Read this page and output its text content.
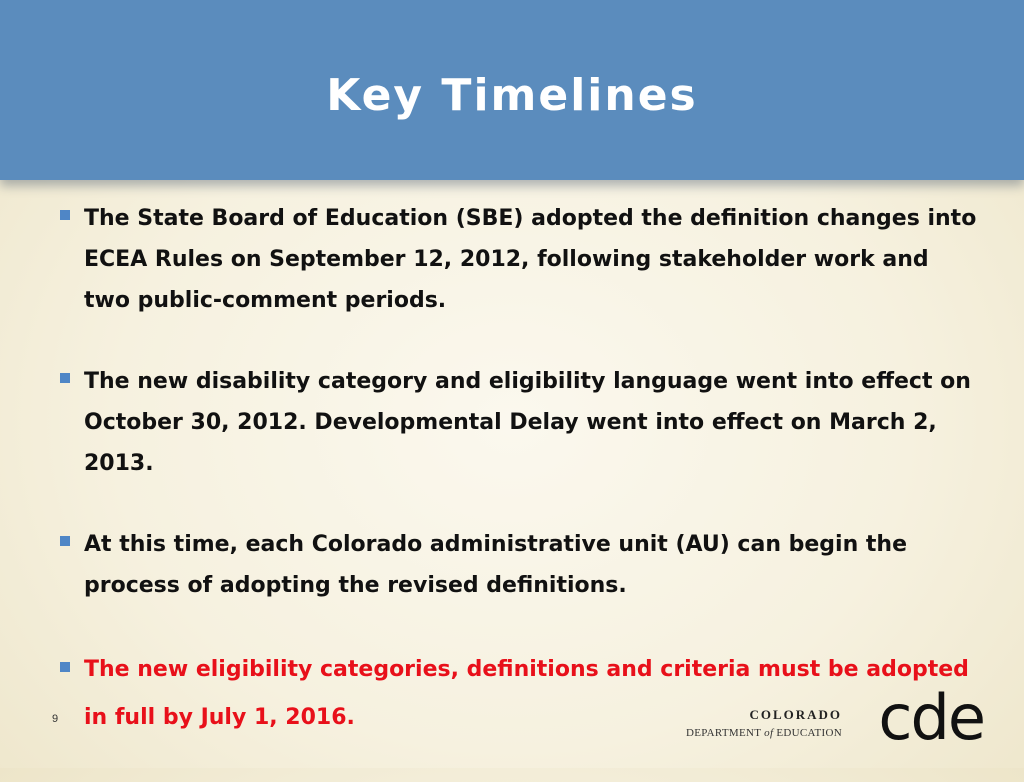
Key Timelines
The State Board of Education (SBE) adopted the definition changes into ECEA Rules on September 12, 2012, following stakeholder work and two public-comment periods.
The new disability category and eligibility language went into effect on October 30, 2012. Developmental Delay went into effect on March 2, 2013.
At this time, each Colorado administrative unit (AU) can begin the process of adopting the revised definitions.
The new eligibility categories, definitions and criteria must be adopted in full by July 1, 2016.
9	COLORADO
DEPARTMENT of EDUCATION cde
